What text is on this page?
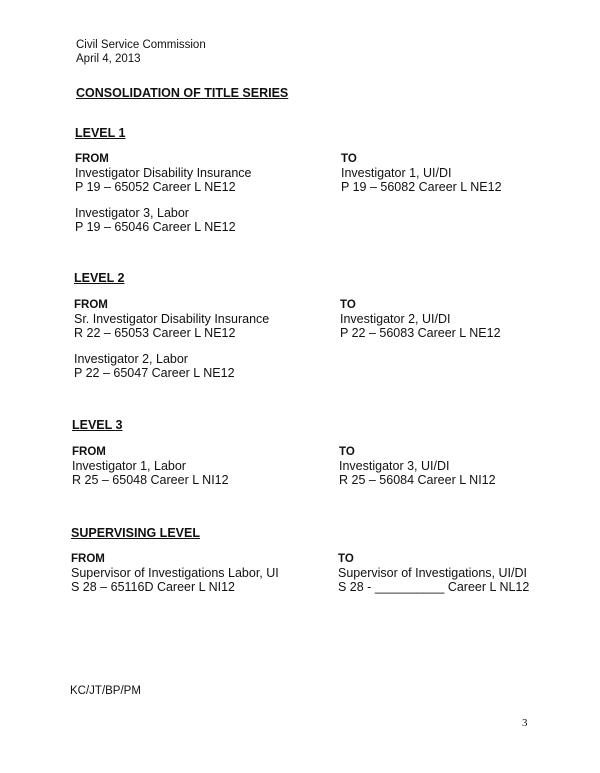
Civil Service Commission
April 4, 2013
CONSOLIDATION OF TITLE SERIES
LEVEL 1
FROM
Investigator Disability Insurance
P 19 – 65052 Career L NE12
Investigator 3, Labor
P 19 – 65046 Career L NE12
TO
Investigator 1, UI/DI
P 19 – 56082 Career L NE12
LEVEL 2
FROM
Sr. Investigator Disability Insurance
R 22 – 65053 Career L NE12
Investigator 2, Labor
P 22 – 65047 Career L NE12
TO
Investigator 2, UI/DI
P 22 – 56083 Career L NE12
LEVEL 3
FROM
Investigator 1, Labor
R 25 – 65048 Career L NI12
TO
Investigator 3, UI/DI
R 25 – 56084 Career L NI12
SUPERVISING LEVEL
FROM
Supervisor of Investigations Labor, UI
S 28 – 65116D Career L NI12
TO
Supervisor of Investigations, UI/DI
S 28 - __________ Career L NL12
KC/JT/BP/PM
3
